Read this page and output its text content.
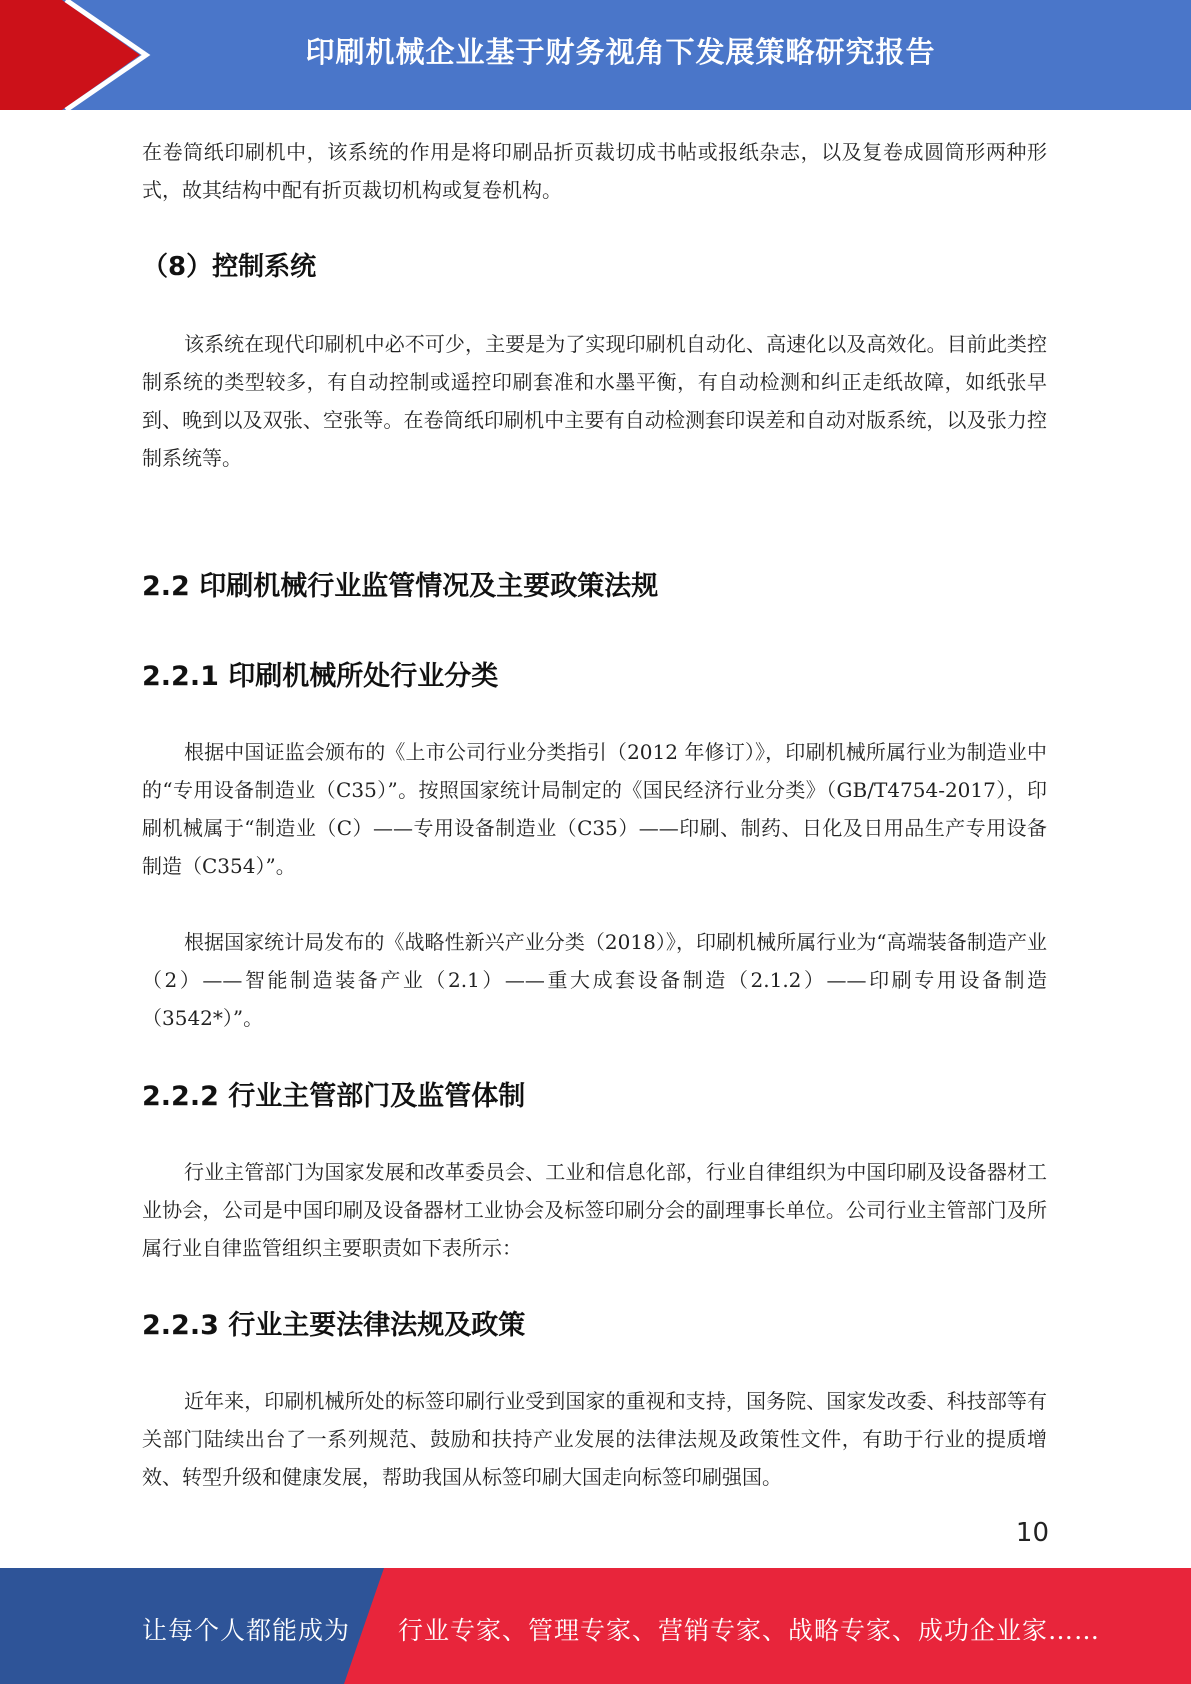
印刷机械企业基于财务视角下发展策略研究报告

在卷筒纸印刷机中，该系统的作用是将印刷品折页裁切成书帖或报纸杂志，以及复卷成圆筒形两种形式，故其结构中配有折页裁切机构或复卷机构。

（8）控制系统

该系统在现代印刷机中必不可少，主要是为了实现印刷机自动化、高速化以及高效化。目前此类控制系统的类型较多，有自动控制或遥控印刷套准和水墨平衡，有自动检测和纠正走纸故障，如纸张早到、晚到以及双张、空张等。在卷筒纸印刷机中主要有自动检测套印误差和自动对版系统，以及张力控制系统等。

2.2 印刷机械行业监管情况及主要政策法规
2.2.1 印刷机械所处行业分类

根据中国证监会颁布的《上市公司行业分类指引（2012 年修订）》，印刷机械所属行业为制造业中的“专用设备制造业（C35）”。按照国家统计局制定的《国民经济行业分类》（GB/T4754-2017），印刷机械属于“制造业（C）——专用设备制造业（C35）——印刷、制药、日化及日用品生产专用设备制造（C354）”。

根据国家统计局发布的《战略性新兴产业分类（2018）》，印刷机械所属行业为“高端装备制造产业（2）——智能制造装备产业（2.1）——重大成套设备制造（2.1.2）——印刷专用设备制造（3542*）”。

2.2.2 行业主管部门及监管体制

行业主管部门为国家发展和改革委员会、工业和信息化部，行业自律组织为中国印刷及设备器材工业协会，公司是中国印刷及设备器材工业协会及标签印刷分会的副理事长单位。公司行业主管部门及所属行业自律监管组织主要职责如下表所示：

2.2.3 行业主要法律法规及政策

近年来，印刷机械所处的标签印刷行业受到国家的重视和支持，国务院、国家发改委、科技部等有关部门陆续出台了一系列规范、鼓励和扶持产业发展的法律法规及政策性文件，有助于行业的提质增效、转型升级和健康发展，帮助我国从标签印刷大国走向标签印刷强国。

10
让每个人都能成为 行业专家、管理专家、营销专家、战略专家、成功企业家……
